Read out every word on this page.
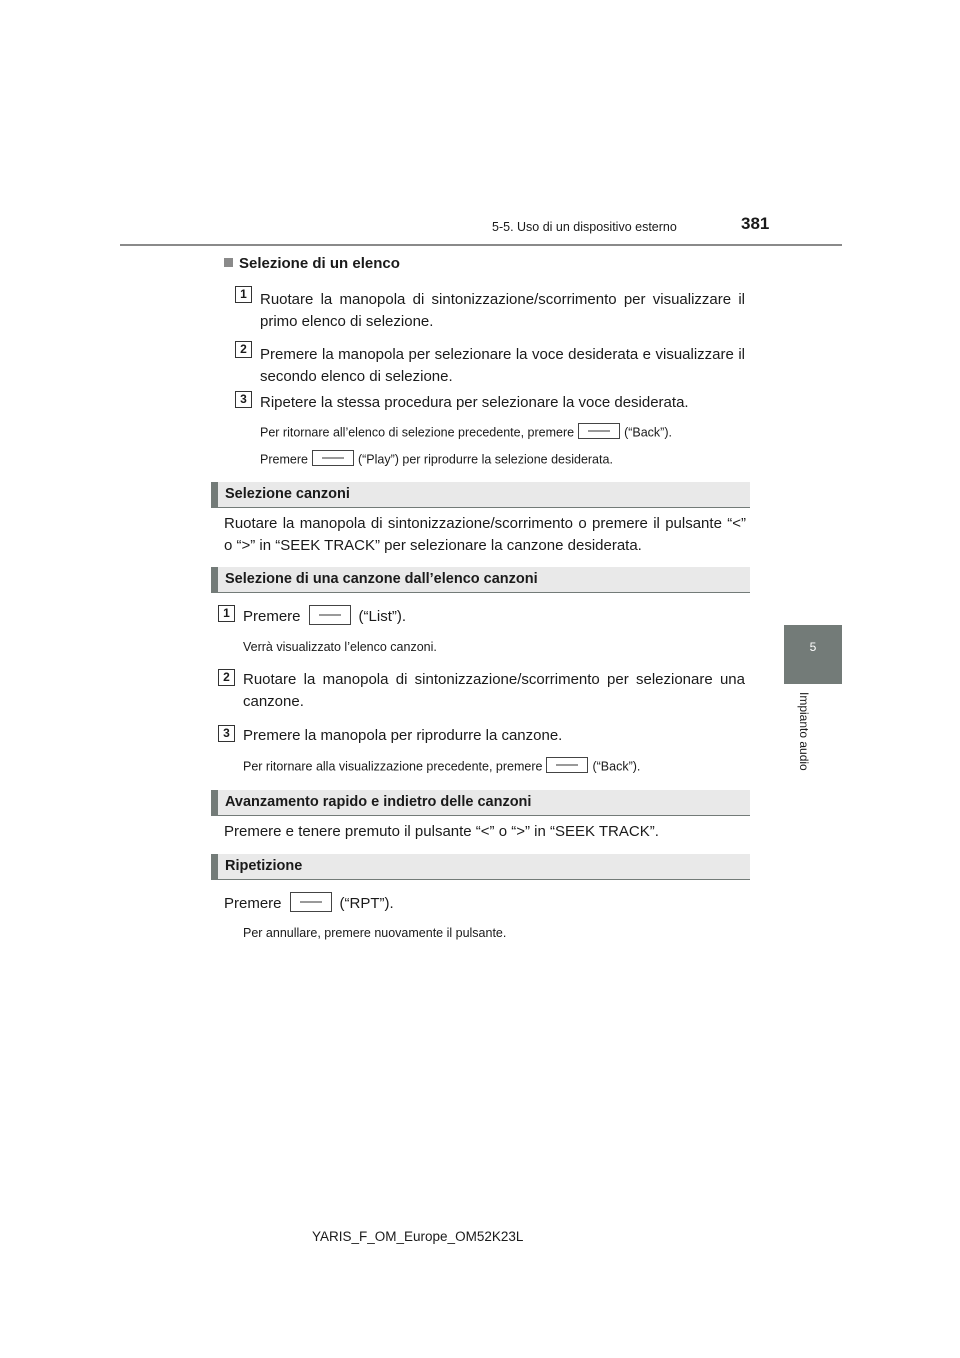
5-5. Uso di un dispositivo esterno	381
5
Impianto audio
Selezione di un elenco
1 Ruotare la manopola di sintonizzazione/scorrimento per visualizzare il primo elenco di selezione.
2 Premere la manopola per selezionare la voce desiderata e visualizzare il secondo elenco di selezione.
3 Ripetere la stessa procedura per selezionare la voce desiderata.
Per ritornare all’elenco di selezione precedente, premere	(“Back”).
Premere	(“Play”) per riprodurre la selezione desiderata.
Selezione canzoni
Ruotare la manopola di sintonizzazione/scorrimento o premere il pulsante “<” o “>” in “SEEK TRACK” per selezionare la canzone desiderata.
Selezione di una canzone dall’elenco canzoni
1 Premere	(“List”).
Verrà visualizzato l’elenco canzoni.
2 Ruotare la manopola di sintonizzazione/scorrimento per selezionare una canzone.
3 Premere la manopola per riprodurre la canzone.
Per ritornare alla visualizzazione precedente, premere	(“Back”).
Avanzamento rapido e indietro delle canzoni
Premere e tenere premuto il pulsante “<” o “>” in “SEEK TRACK”.
Ripetizione
Premere	(“RPT”).
Per annullare, premere nuovamente il pulsante.
YARIS_F_OM_Europe_OM52K23L
